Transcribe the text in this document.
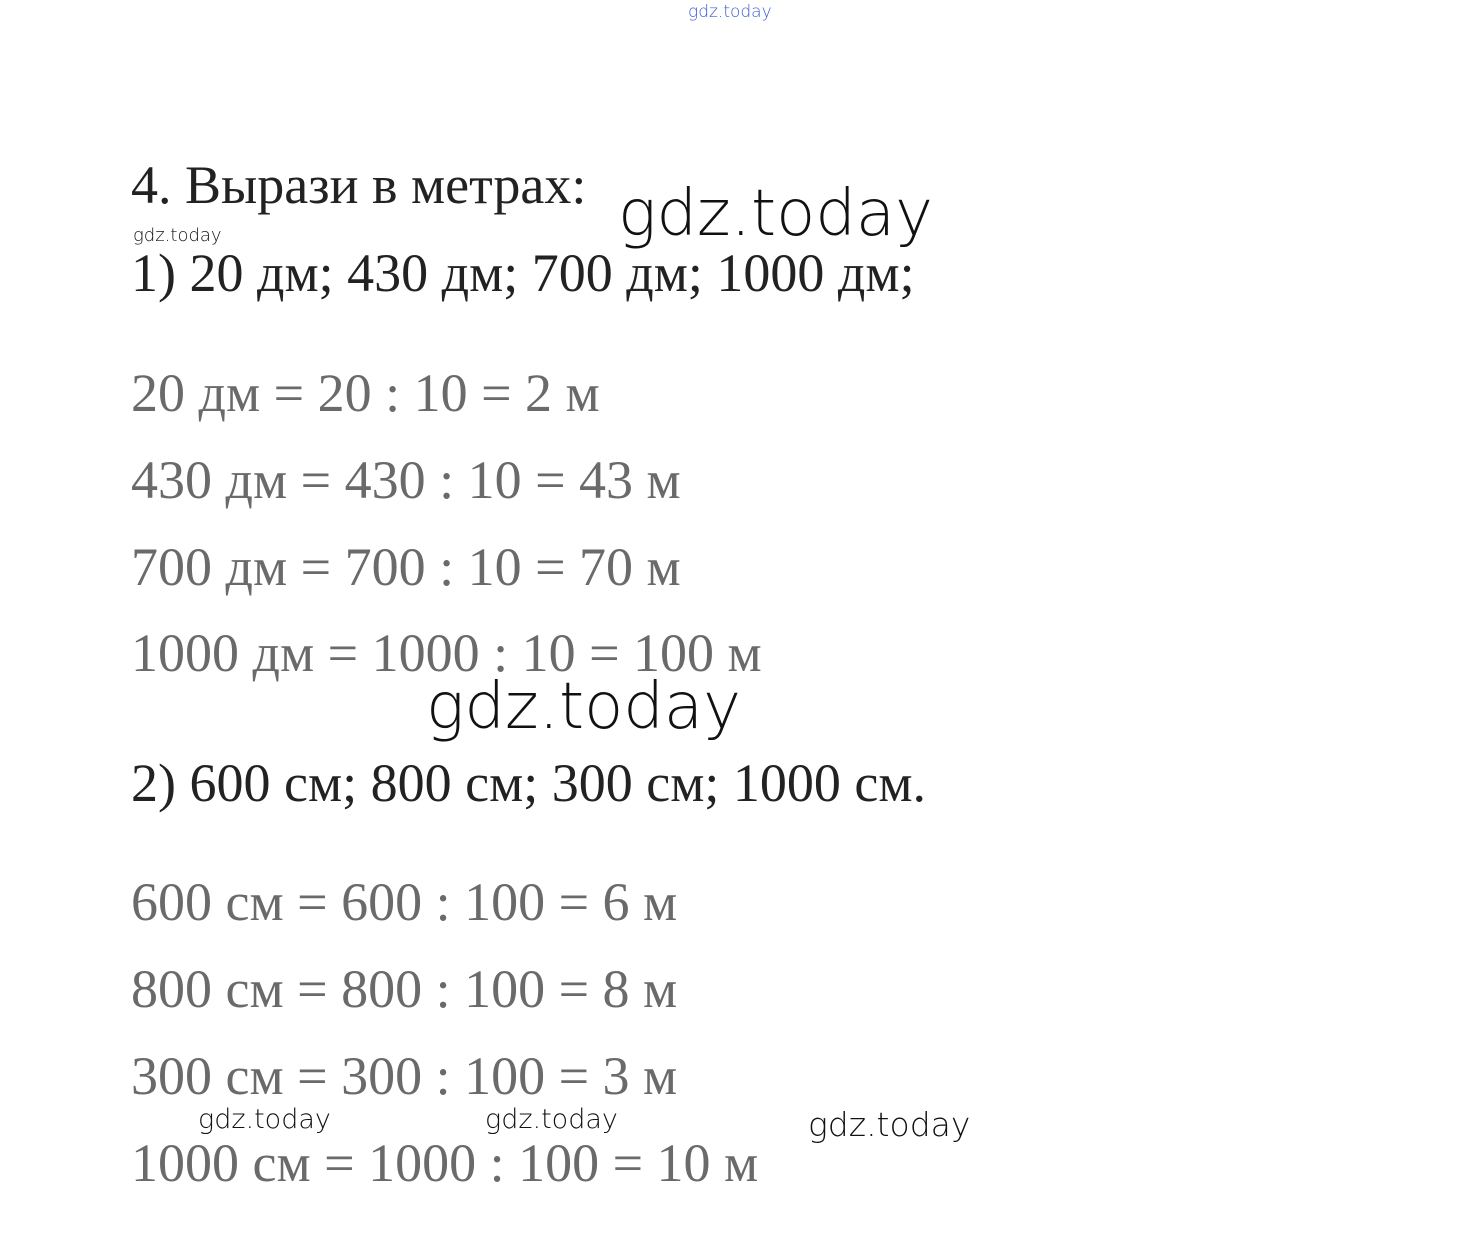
gdz.today
4. Вырази в метрах: gdz.today
gdz.today
1) 20 дм; 430 дм; 700 дм; 1000 дм;
20 дм = 20 : 10 = 2 м
430 дм = 430 : 10 = 43 м
700 дм = 700 : 10 = 70 м
1000 дм = 1000 : 10 = 100 м
gdz.today
2) 600 см; 800 см; 300 см; 1000 см.
600 см = 600 : 100 = 6 м
800 см = 800 : 100 = 8 м
300 см = 300 : 100 = 3 м
gdz.today	gdz.today	gdz.today
1000 см = 1000 : 100 = 10 м
